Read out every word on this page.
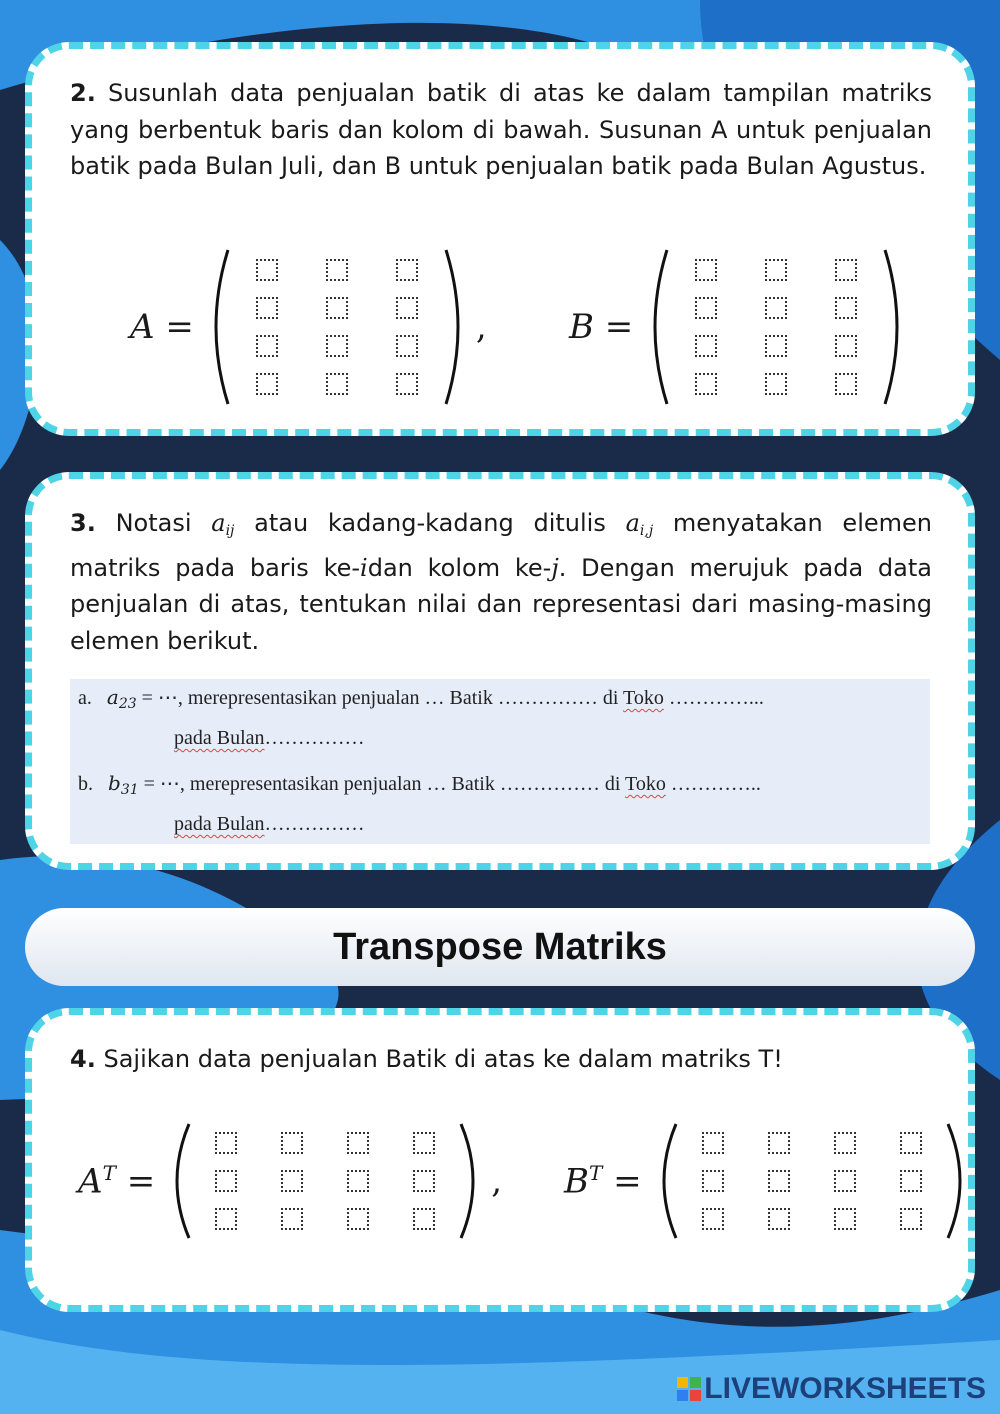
2. Susunlah data penjualan batik di atas ke dalam tampilan matriks yang berbentuk baris dan kolom di bawah. Susunan A untuk penjualan batik pada Bulan Juli, dan B untuk penjualan batik pada Bulan Agustus.

A =	, B =

3. Notasi $a_{ij}$ atau kadang-kadang ditulis $a_{i,j}$ menyatakan elemen matriks pada baris ke-idan kolom ke-j. Dengan merujuk pada data penjualan di atas, tentukan nilai dan representasi dari masing-masing elemen berikut.

a. $a_{23}$ = ⋯, merepresentasikan penjualan … Batik …………… di Toko …………...
pada Bulan……………
b. $b_{31}$ = ⋯, merepresentasikan penjualan … Batik …………… di Toko …………..
pada Bulan……………
Transpose Matriks

4. Sajikan data penjualan Batik di atas ke dalam matriks T!

$A^T$ =	, $B^T$ =
LIVEWORKSHEETS
